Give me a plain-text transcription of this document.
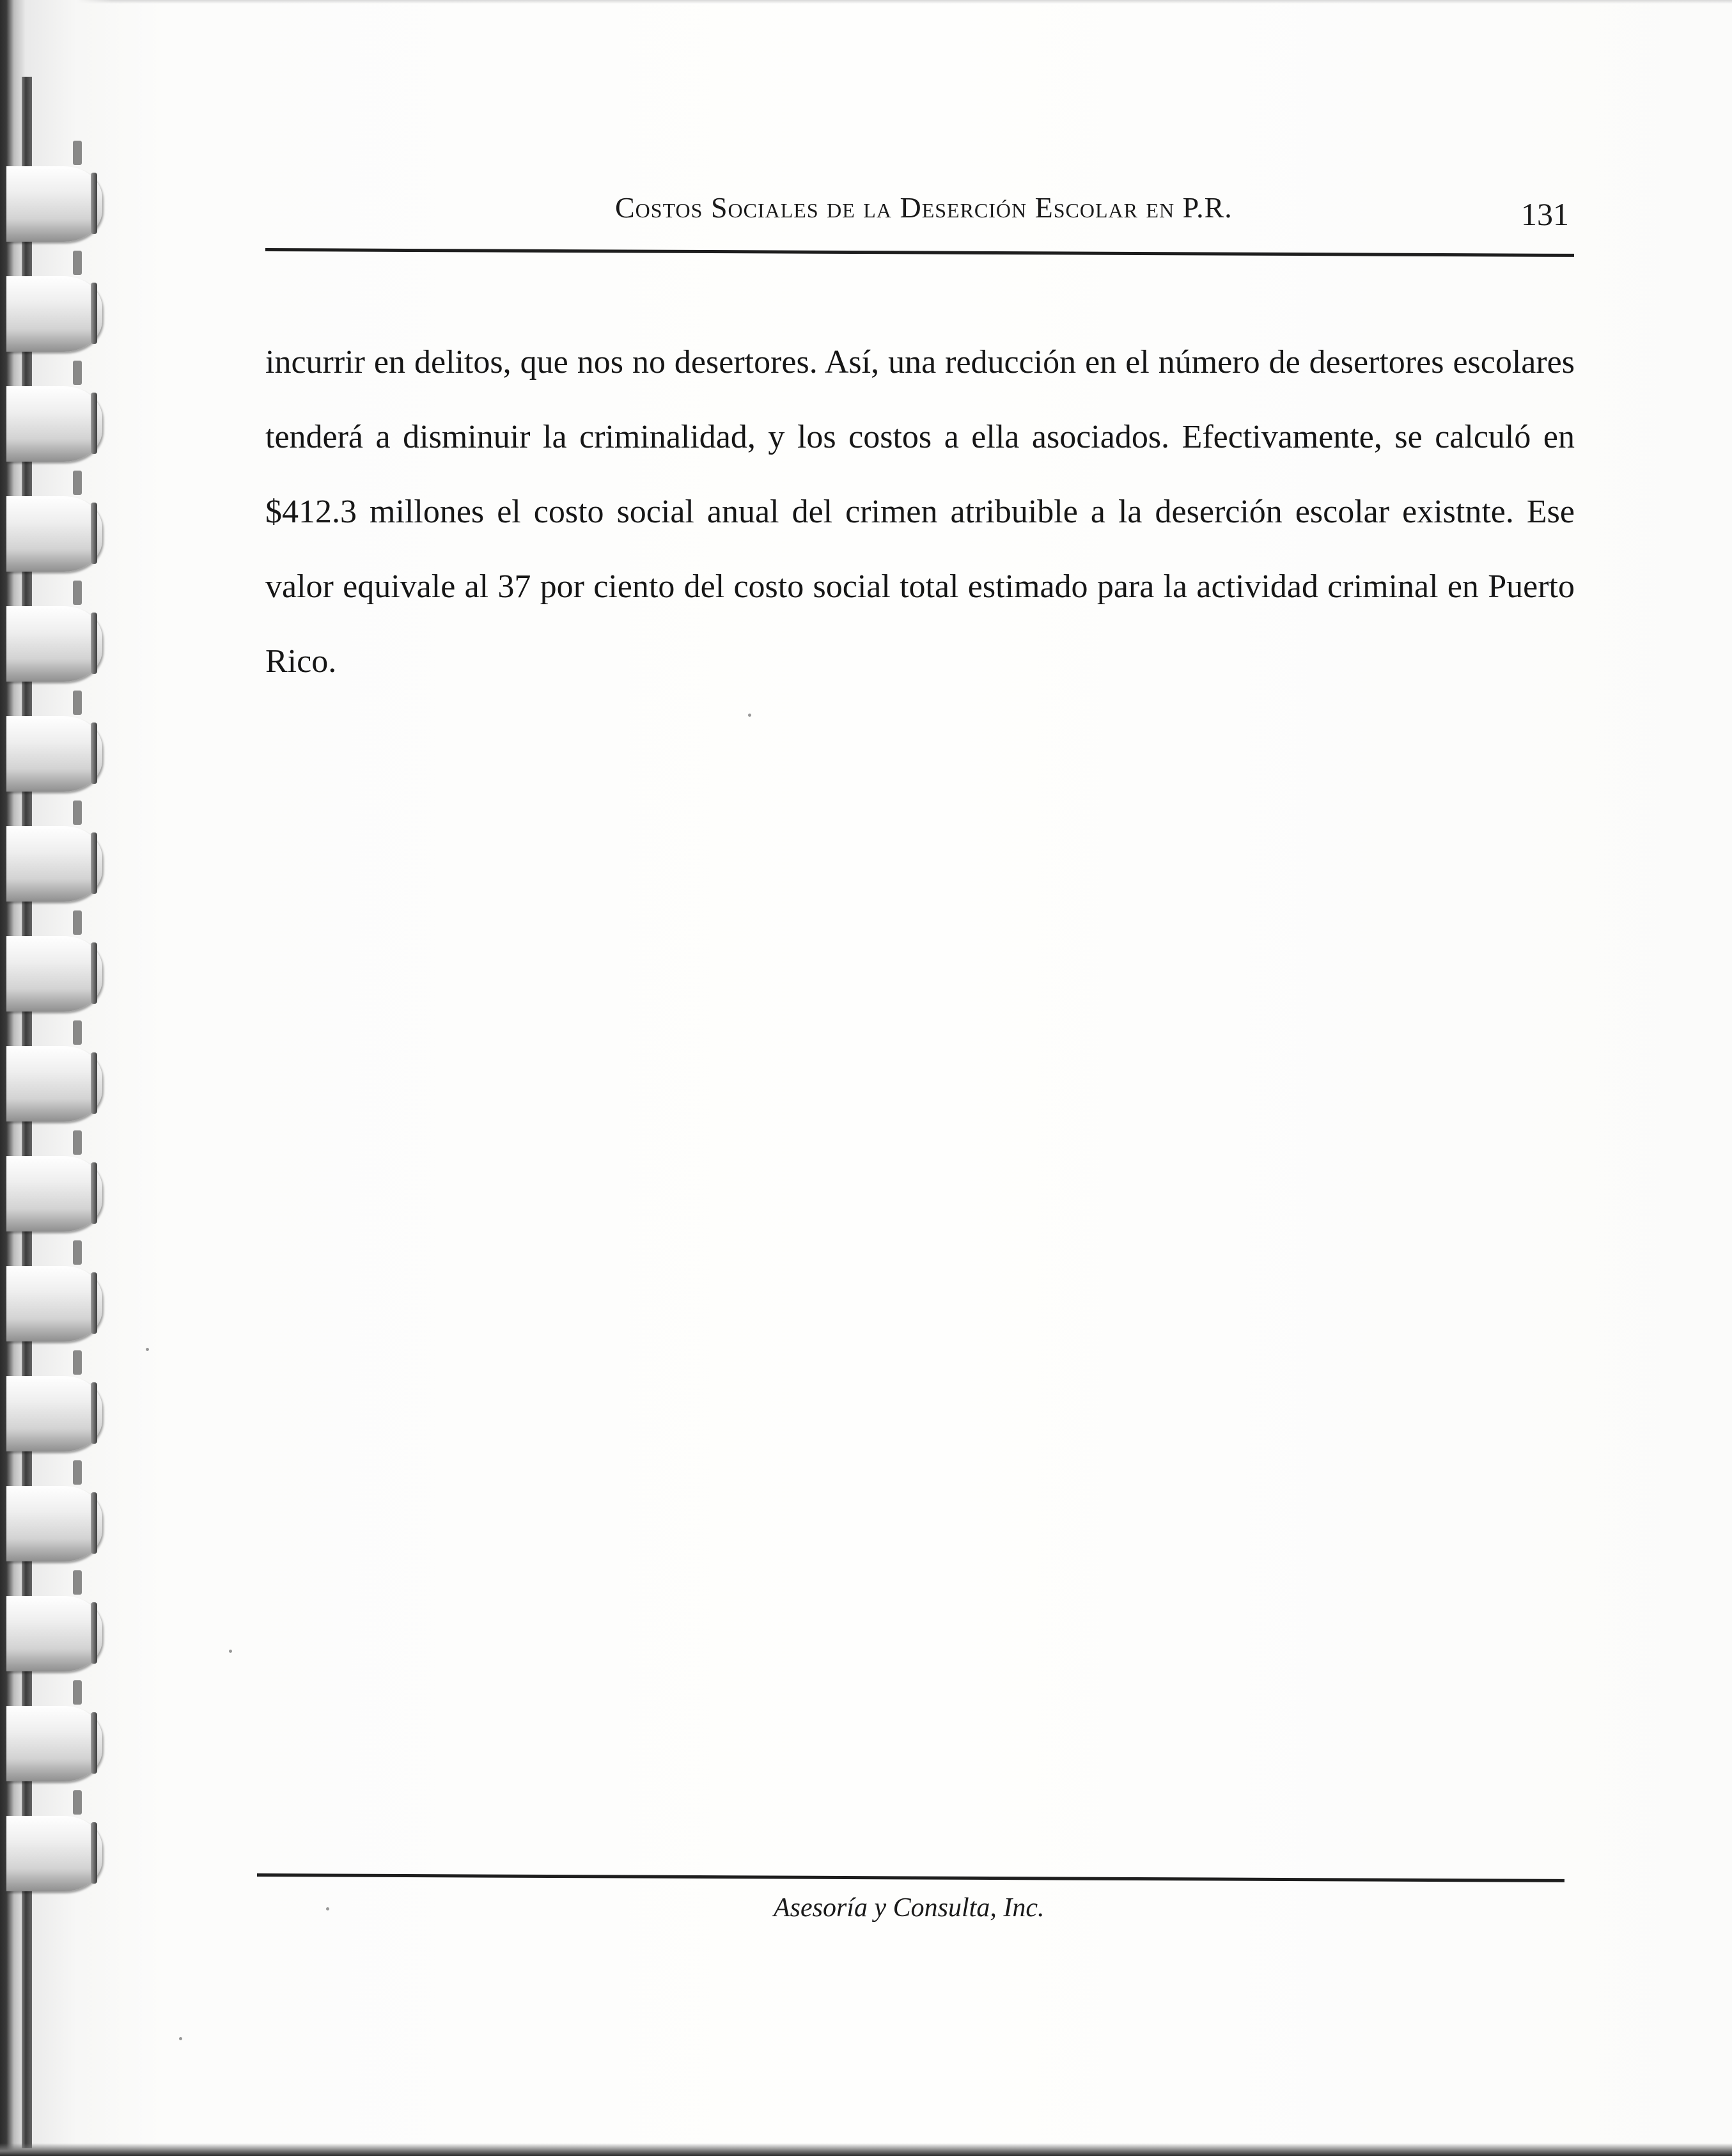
Costos Sociales de la Deserción Escolar en P.R.	131

incurrir en delitos, que nos no desertores. Así, una reducción en el número de desertores escolares tenderá a disminuir la criminalidad, y los costos a ella asociados. Efectivamente, se calculó en $412.3 millones el costo social anual del crimen atribuible a la deserción escolar existnte. Ese valor equivale al 37 por ciento del costo social total estimado para la actividad criminal en Puerto Rico.

Asesoría y Consulta, Inc.
